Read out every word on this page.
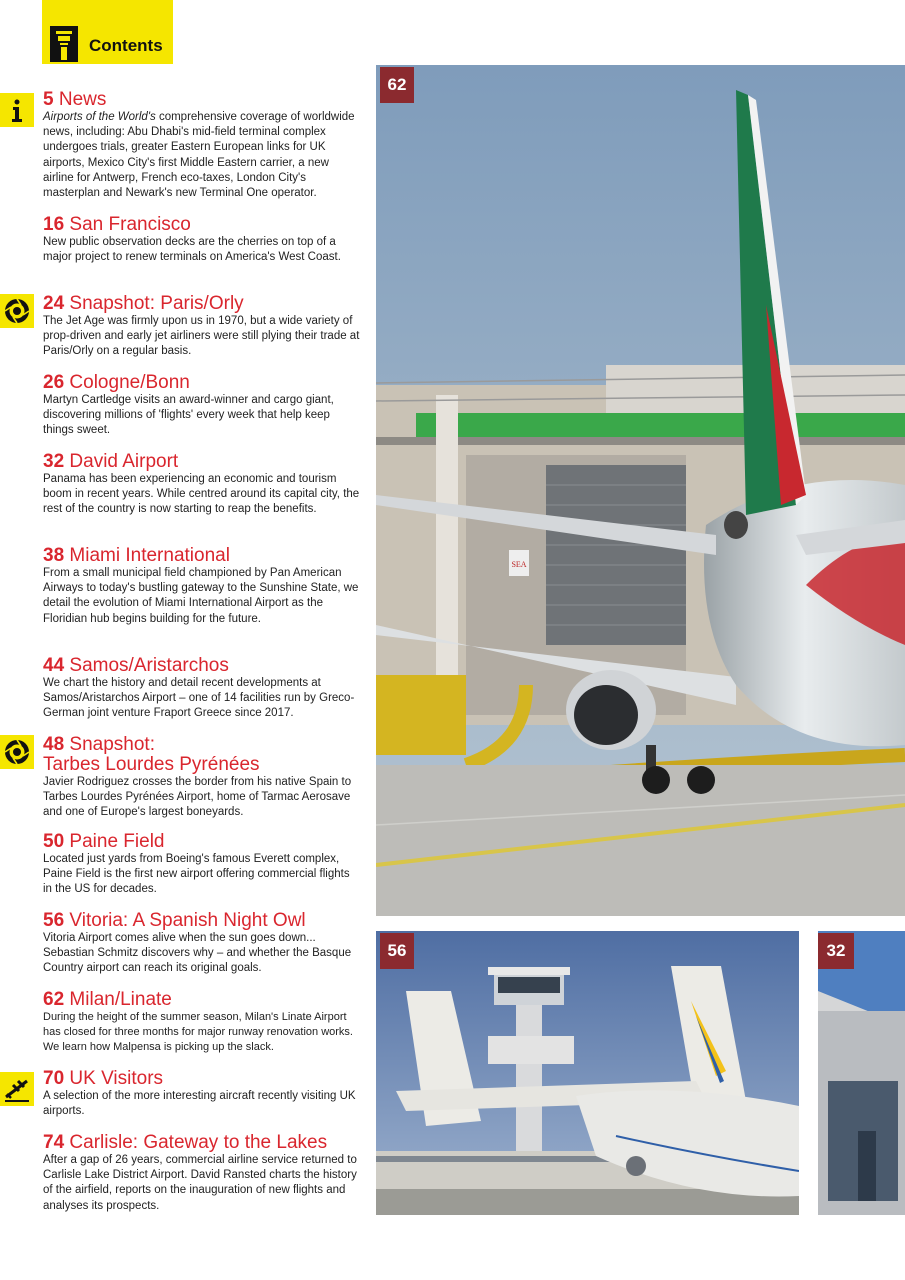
Contents
5 News
Airports of the World's comprehensive coverage of worldwide news, including: Abu Dhabi's mid-field terminal complex undergoes trials, greater Eastern European links for UK airports, Mexico City's first Middle Eastern carrier, a new airline for Antwerp, French eco-taxes, London City's masterplan and Newark's new Terminal One operator.
16 San Francisco
New public observation decks are the cherries on top of a major project to renew terminals on America's West Coast.
24 Snapshot: Paris/Orly
The Jet Age was firmly upon us in 1970, but a wide variety of prop-driven and early jet airliners were still plying their trade at Paris/Orly on a regular basis.
26 Cologne/Bonn
Martyn Cartledge visits an award-winner and cargo giant, discovering millions of 'flights' every week that help keep things sweet.
32 David Airport
Panama has been experiencing an economic and tourism boom in recent years. While centred around its capital city, the rest of the country is now starting to reap the benefits.
38 Miami International
From a small municipal field championed by Pan American Airways to today's bustling gateway to the Sunshine State, we detail the evolution of Miami International Airport as the Floridian hub begins building for the future.
44 Samos/Aristarchos
We chart the history and detail recent developments at Samos/Aristarchos Airport – one of 14 facilities run by Greco-German joint venture Fraport Greece since 2017.
48 Snapshot:
Tarbes Lourdes Pyrénées
Javier Rodriguez crosses the border from his native Spain to Tarbes Lourdes Pyrénées Airport, home of Tarmac Aerosave and one of Europe's largest boneyards.
50 Paine Field
Located just yards from Boeing's famous Everett complex, Paine Field is the first new airport offering commercial flights in the US for decades.
56 Vitoria: A Spanish Night Owl
Vitoria Airport comes alive when the sun goes down... Sebastian Schmitz discovers why – and whether the Basque Country airport can reach its original goals.
62 Milan/Linate
During the height of the summer season, Milan's Linate Airport has closed for three months for major runway renovation works. We learn how Malpensa is picking up the slack.
70 UK Visitors
A selection of the more interesting aircraft recently visiting UK airports.
74 Carlisle: Gateway to the Lakes
After a gap of 26 years, commercial airline service returned to Carlisle Lake District Airport. David Ransted charts the history of the airfield, reports on the inauguration of new flights and analyses its prospects.
SEA
62
56	32
